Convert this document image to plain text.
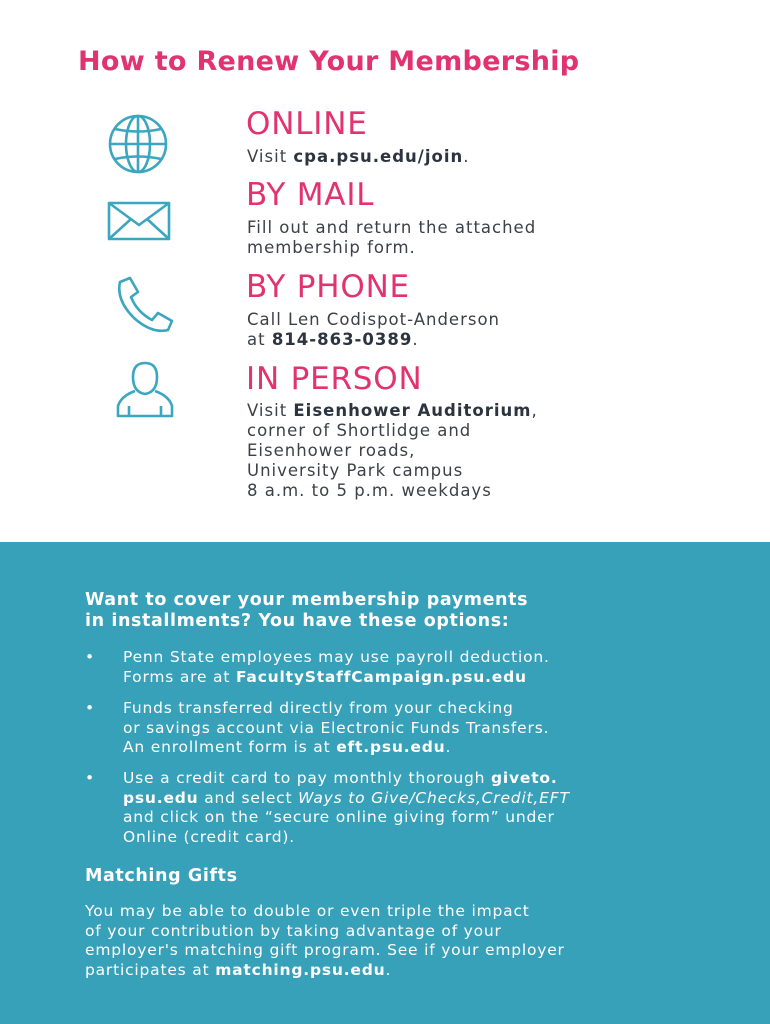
How to Renew Your Membership
ONLINE
Visit cpa.psu.edu/join.
BY MAIL
Fill out and return the attached
membership form.
BY PHONE
Call Len Codispot-Anderson
at 814-863-0389.
IN PERSON
Visit Eisenhower Auditorium,
corner of Shortlidge and
Eisenhower roads,
University Park campus
8 a.m. to 5 p.m. weekdays
Want to cover your membership payments
in installments? You have these options:
• Penn State employees may use payroll deduction.
Forms are at FacultyStaffCampaign.psu.edu
• Funds transferred directly from your checking
or savings account via Electronic Funds Transfers.
An enrollment form is at eft.psu.edu.
• Use a credit card to pay monthly thorough giveto.
psu.edu and select Ways to Give/Checks,Credit,EFT
and click on the “secure online giving form” under
Online (credit card).
Matching Gifts
You may be able to double or even triple the impact
of your contribution by taking advantage of your
employer's matching gift program. See if your employer
participates at matching.psu.edu.
